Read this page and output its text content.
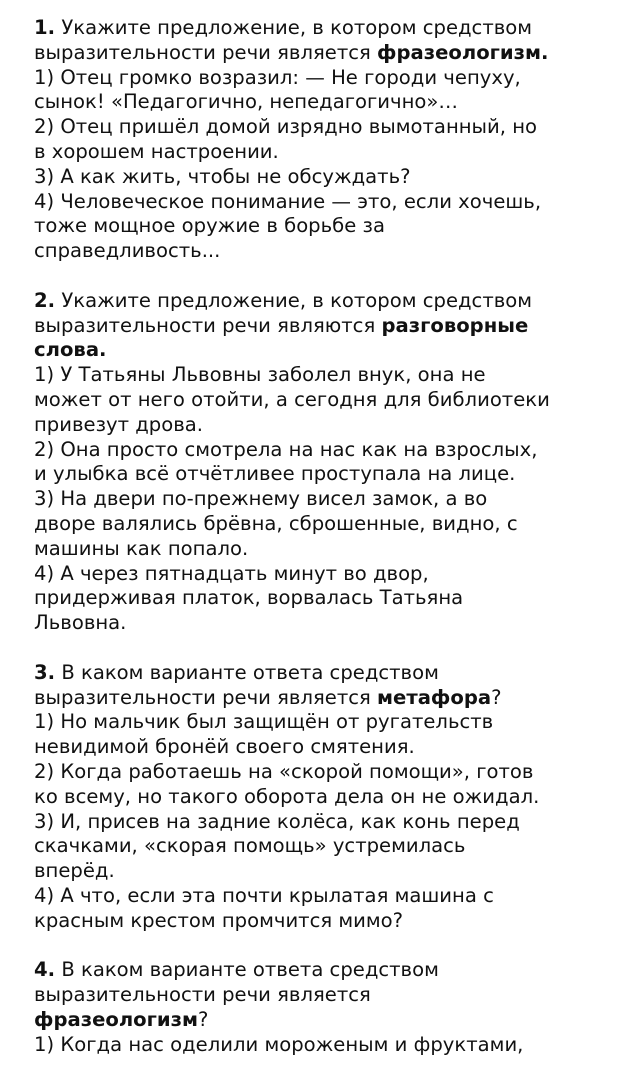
1. Укажите предложение, в котором средством
выразительности речи является фразеологизм.
1) Отец громко возразил: — Не городи чепуху,
сынок! «Педагогично, непедагогично»…
2) Отец пришёл домой изрядно вымотанный, но
в хорошем настроении.
3) А как жить, чтобы не обсуждать?
4) Человеческое понимание — это, если хочешь,
тоже мощное оружие в борьбе за
справедливость...
2. Укажите предложение, в котором средством
выразительности речи являются разговорные
слова.
1) У Татьяны Львовны заболел внук, она не
может от него отойти, а сегодня для библиотеки
привезут дрова.
2) Она просто смотрела на нас как на взрослых,
и улыбка всё отчётливее проступала на лице.
3) На двери по-прежнему висел замок, а во
дворе валялись брёвна, сброшенные, видно, с
машины как попало.
4) А через пятнадцать минут во двор,
придерживая платок, ворвалась Татьяна
Львовна.
3. В каком варианте ответа средством
выразительности речи является метафора?
1) Но мальчик был защищён от ругательств
невидимой бронёй своего смятения.
2) Когда работаешь на «скорой помощи», готов
ко всему, но такого оборота дела он не ожидал.
3) И, присев на задние колёса, как конь перед
скачками, «скорая помощь» устремилась
вперёд.
4) А что, если эта почти крылатая машина с
красным крестом промчится мимо?
4. В каком варианте ответа средством
выразительности речи является
фразеологизм?
1) Когда нас оделили мороженым и фруктами,
